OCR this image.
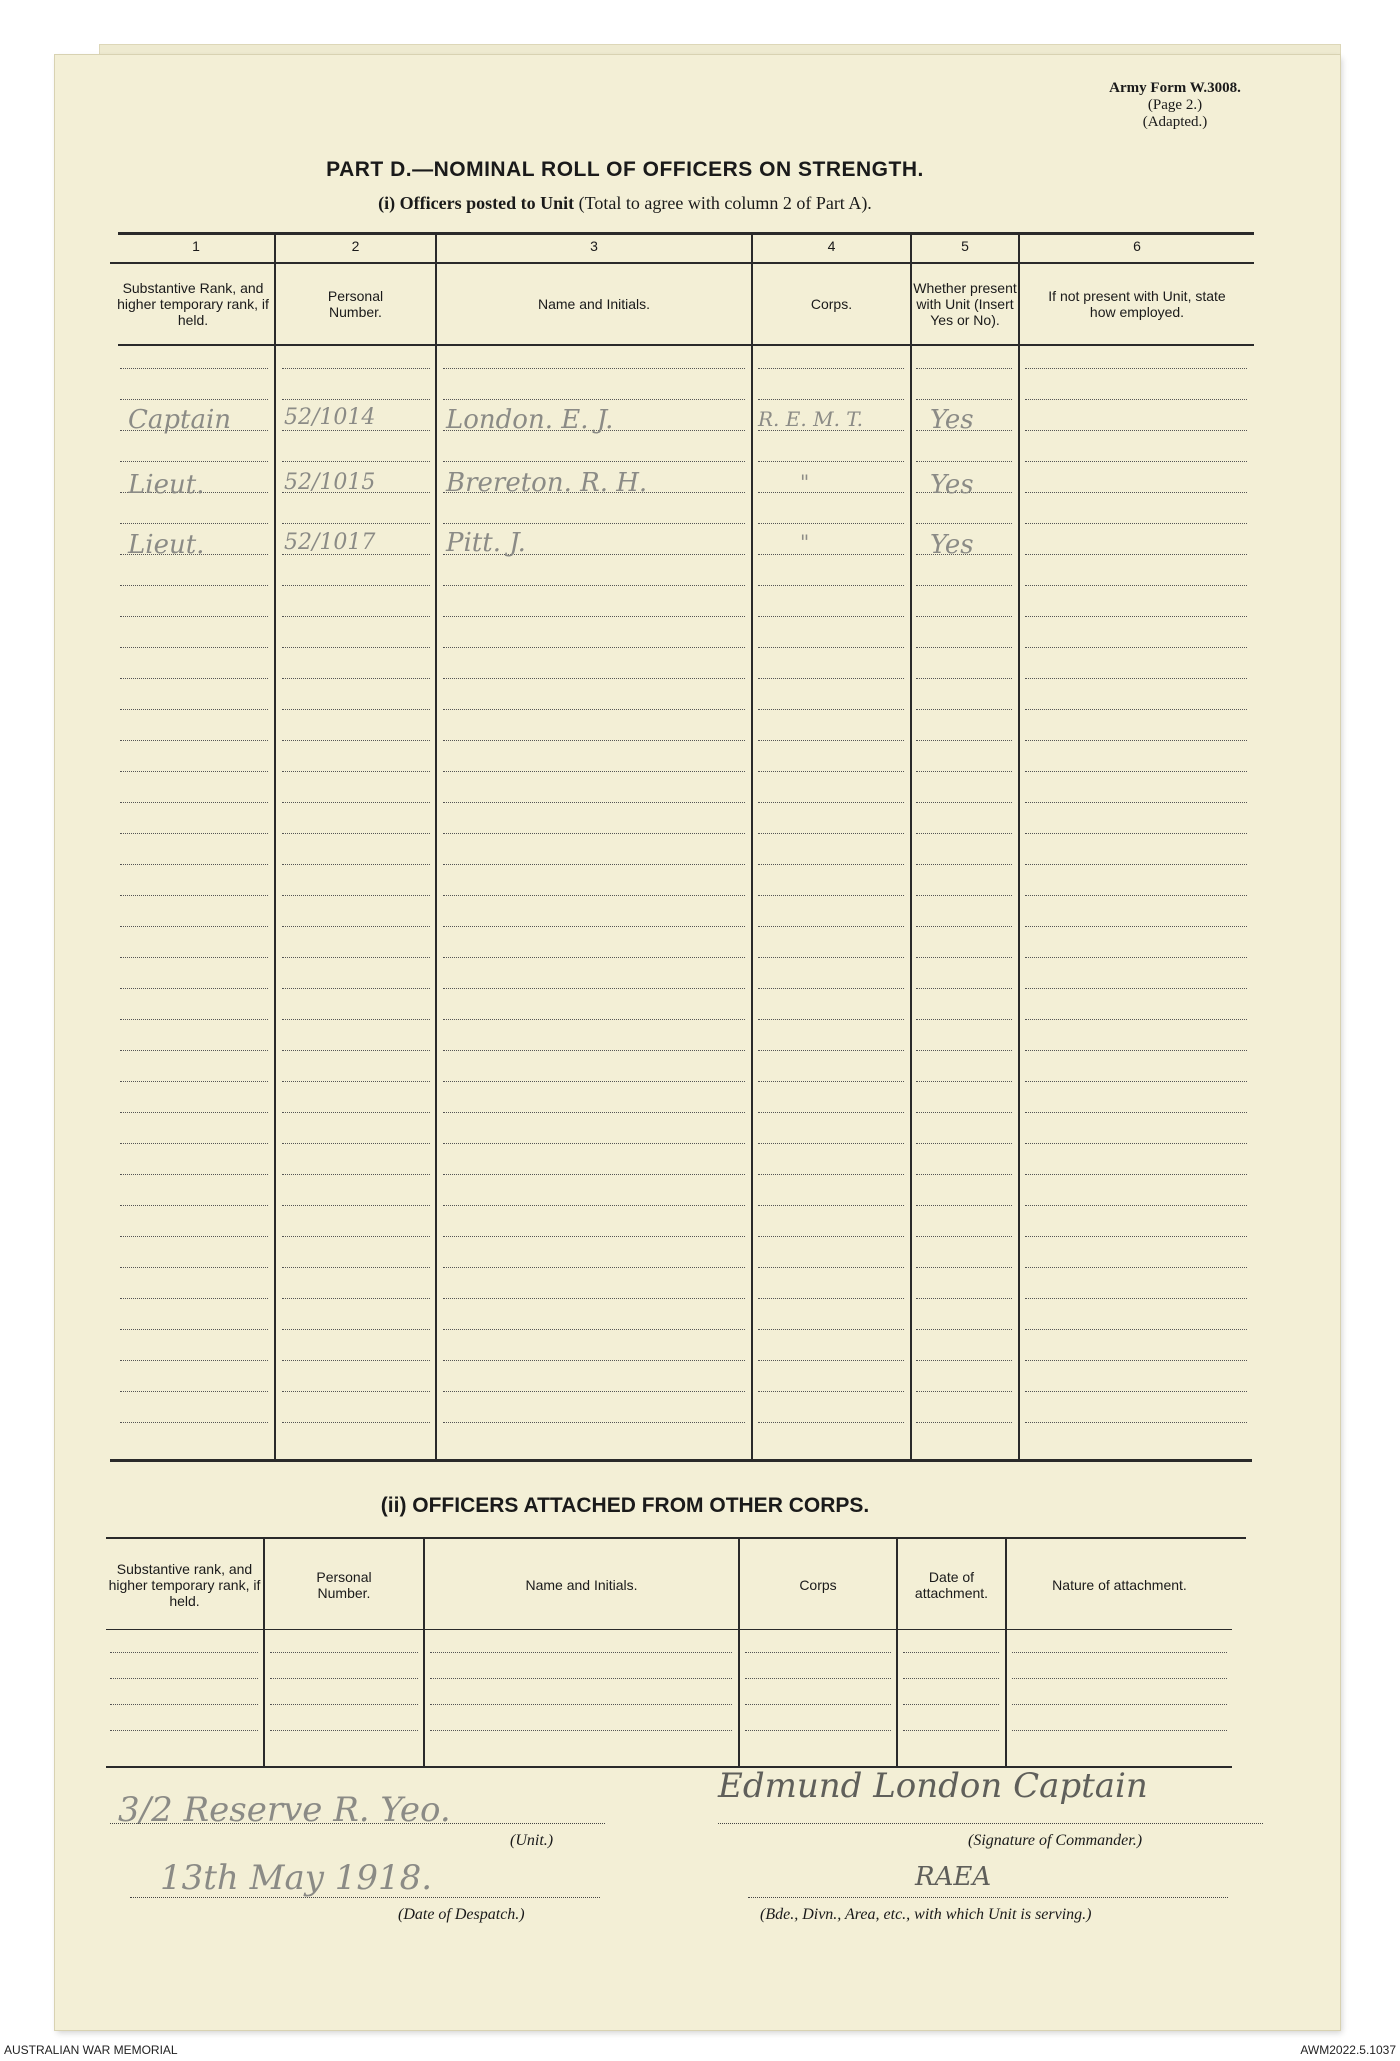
Army Form W.3008.
(Page 2.)
(Adapted.)
PART D.—NOMINAL ROLL OF OFFICERS ON STRENGTH.
(i) Officers posted to Unit (Total to agree with column 2 of Part A).
1	2	3	4	5	6
Substantive Rank, and higher temporary rank, if held.
Personal Number.	Name and Initials.	Corps.
Whether present with Unit (Insert Yes or No).
If not present with Unit, state how employed.
Captain 52/1014	London. E. J.	R. E. M. T.	Yes
Lieut.	52/1015	Brereton. R. H.	"	Yes
Lieut.	52/1017	Pitt. J.	"	Yes
(ii) OFFICERS ATTACHED FROM OTHER CORPS.
Substantive rank, and higher temporary rank, if held.
Personal Number.	Name and Initials.	Corps	Date of attachment.	Nature of attachment.
3/2 Reserve R. Yeo.
(Unit.)
13th May 1918.
(Date of Despatch.)
Edmund London Captain
(Signature of Commander.)
RAEA
(Bde., Divn., Area, etc., with which Unit is serving.)
AUSTRALIAN WAR MEMORIAL	AWM2022.5.1037
